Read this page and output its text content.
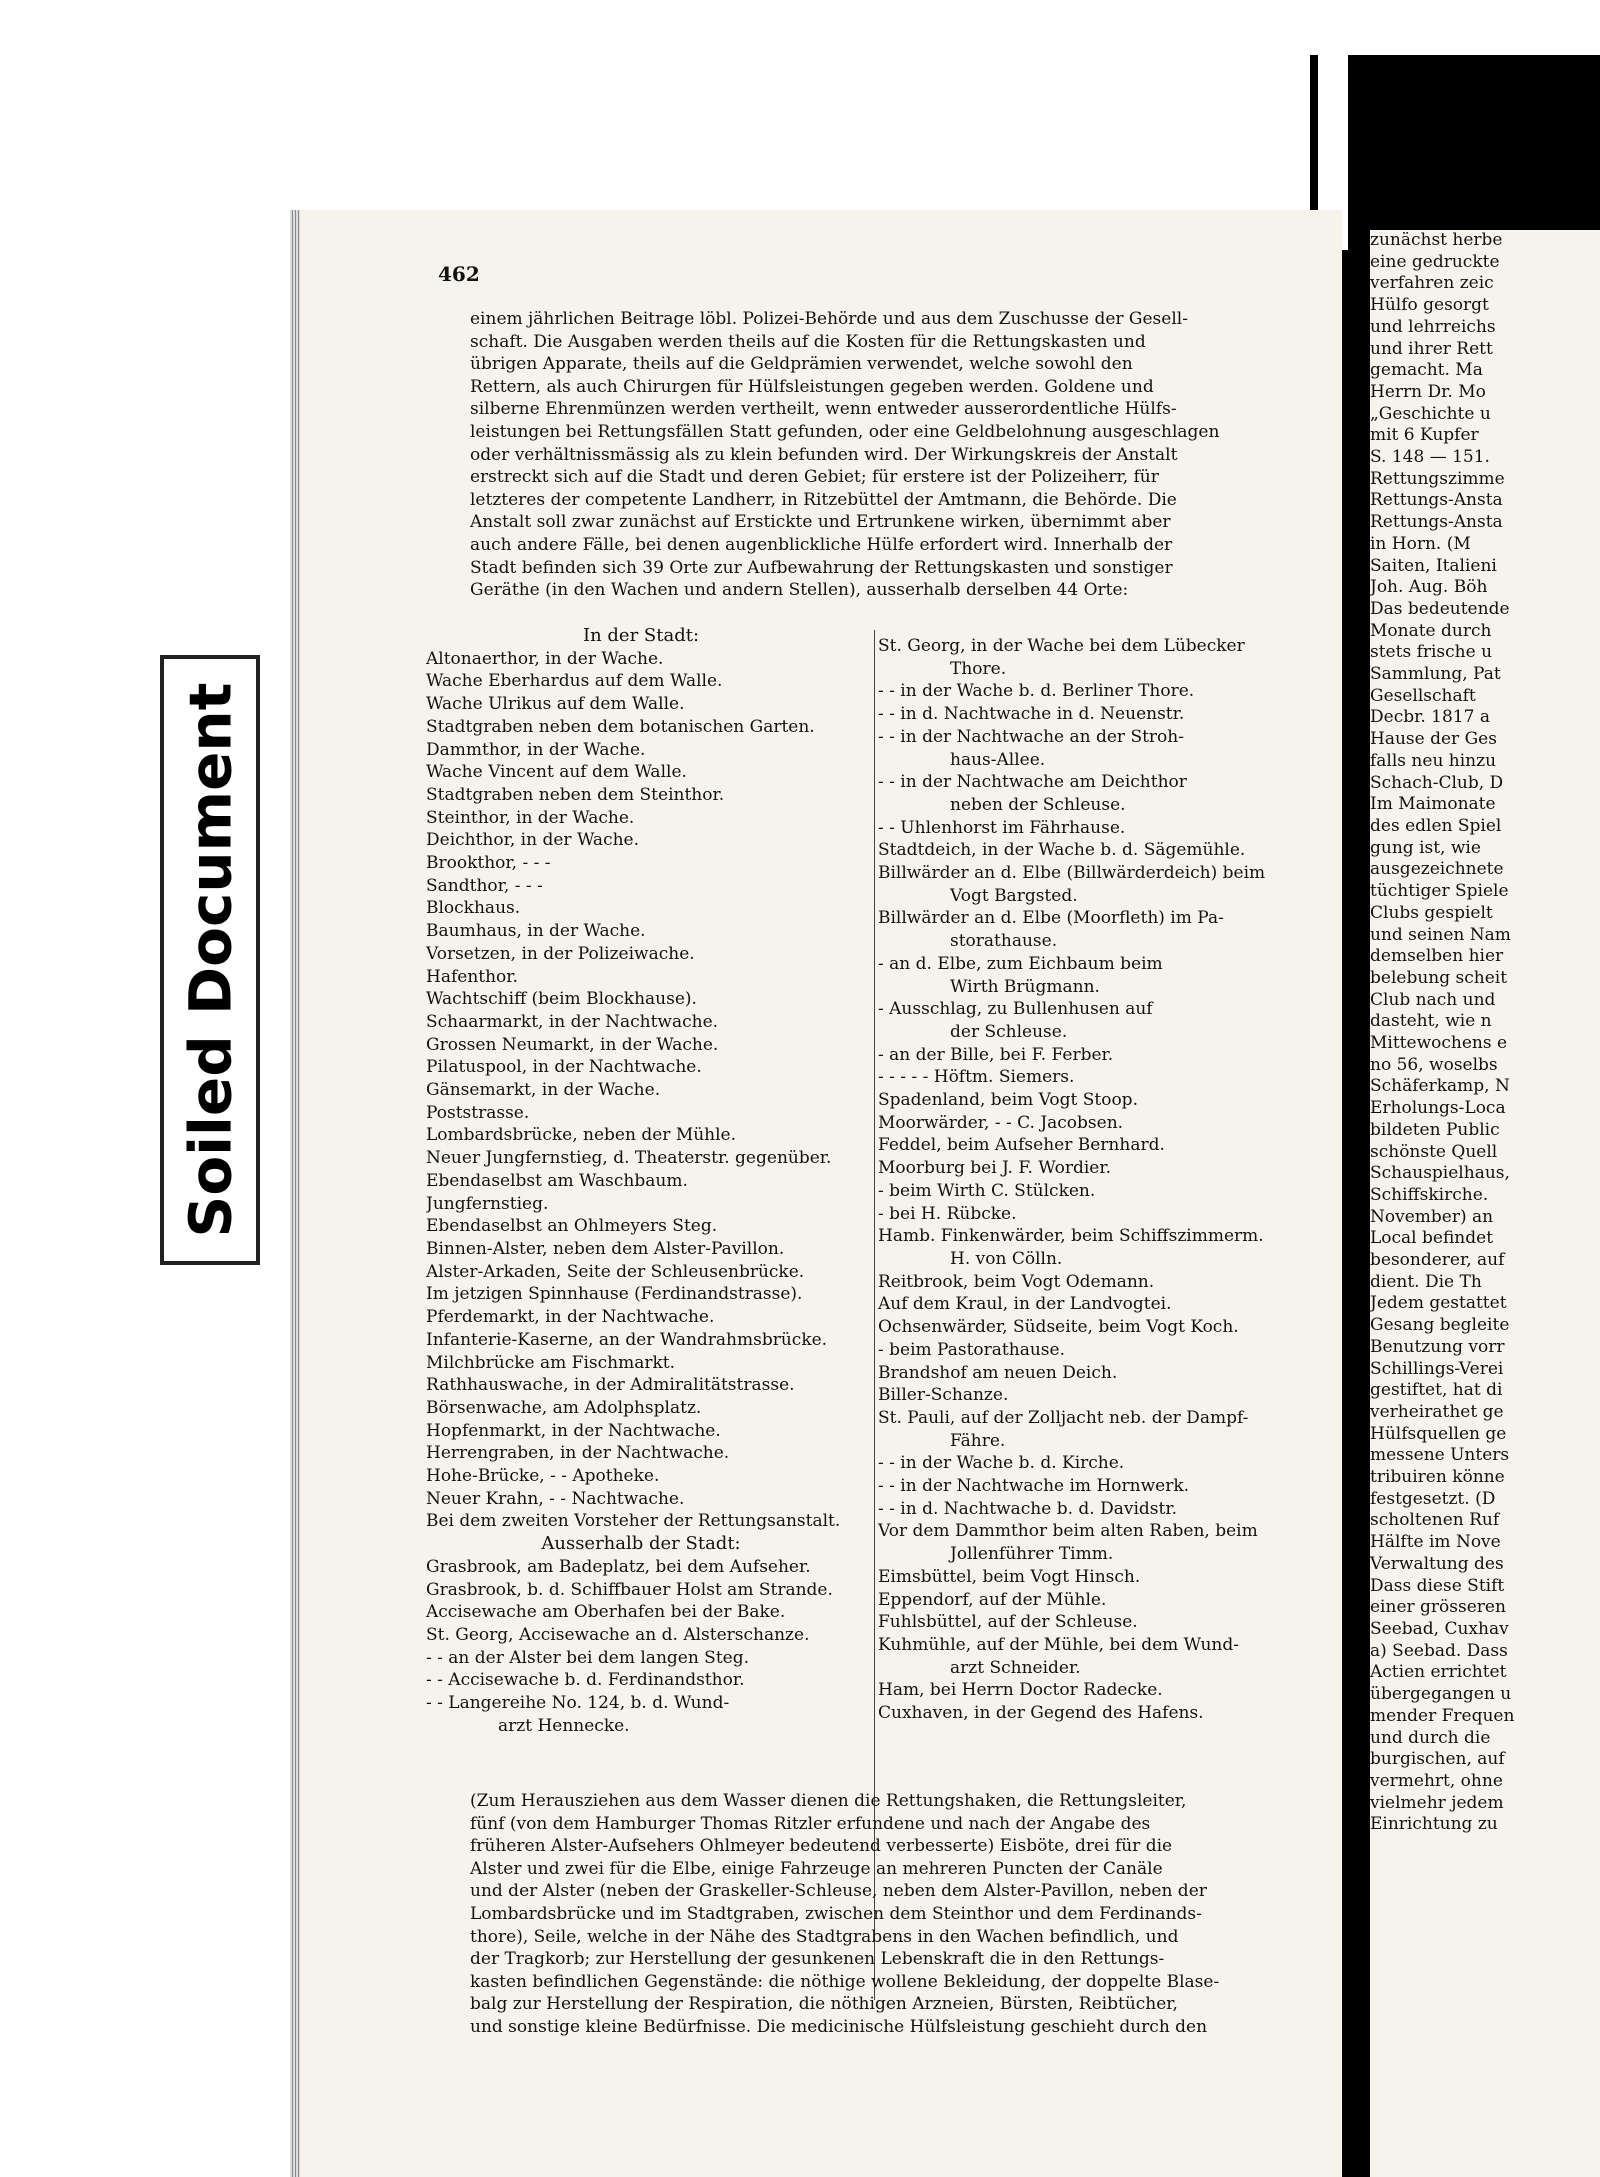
Soiled Document
462
einem jährlichen Beitrage löbl. Polizei-Behörde und aus dem Zuschusse der Gesell-
schaft. Die Ausgaben werden theils auf die Kosten für die Rettungskasten und
übrigen Apparate, theils auf die Geldprämien verwendet, welche sowohl den
Rettern, als auch Chirurgen für Hülfsleistungen gegeben werden. Goldene und
silberne Ehrenmünzen werden vertheilt, wenn entweder ausserordentliche Hülfs-
leistungen bei Rettungsfällen Statt gefunden, oder eine Geldbelohnung ausgeschlagen
oder verhältnissmässig als zu klein befunden wird. Der Wirkungskreis der Anstalt
erstreckt sich auf die Stadt und deren Gebiet; für erstere ist der Polizeiherr, für
letzteres der competente Landherr, in Ritzebüttel der Amtmann, die Behörde. Die
Anstalt soll zwar zunächst auf Erstickte und Ertrunkene wirken, übernimmt aber
auch andere Fälle, bei denen augenblickliche Hülfe erfordert wird. Innerhalb der
Stadt befinden sich 39 Orte zur Aufbewahrung der Rettungskasten und sonstiger
Geräthe (in den Wachen und andern Stellen), ausserhalb derselben 44 Orte:
In der Stadt:
Altonaerthor, in der Wache.
Wache Eberhardus auf dem Walle.
Wache Ulrikus auf dem Walle.
Stadtgraben neben dem botanischen Garten.
Dammthor, in der Wache.
Wache Vincent auf dem Walle.
Stadtgraben neben dem Steinthor.
Steinthor, in der Wache.
Deichthor, in der Wache.
Brookthor, - - -
Sandthor, - - -
Blockhaus.
Baumhaus, in der Wache.
Vorsetzen, in der Polizeiwache.
Hafenthor.
Wachtschiff (beim Blockhause).
Schaarmarkt, in der Nachtwache.
Grossen Neumarkt, in der Wache.
Pilatuspool, in der Nachtwache.
Gänsemarkt, in der Wache.
Poststrasse.
Lombardsbrücke, neben der Mühle.
Neuer Jungfernstieg, d. Theaterstr. gegenüber.
Ebendaselbst am Waschbaum.
Jungfernstieg.
Ebendaselbst an Ohlmeyers Steg.
Binnen-Alster, neben dem Alster-Pavillon.
Alster-Arkaden, Seite der Schleusenbrücke.
Im jetzigen Spinnhause (Ferdinandstrasse).
Pferdemarkt, in der Nachtwache.
Infanterie-Kaserne, an der Wandrahmsbrücke.
Milchbrücke am Fischmarkt.
Rathhauswache, in der Admiralitätstrasse.
Börsenwache, am Adolphsplatz.
Hopfenmarkt, in der Nachtwache.
Herrengraben, in der Nachtwache.
Hohe-Brücke, - - Apotheke.
Neuer Krahn, - - Nachtwache.
Bei dem zweiten Vorsteher der Rettungsanstalt.
Ausserhalb der Stadt:
Grasbrook, am Badeplatz, bei dem Aufseher.
Grasbrook, b. d. Schiffbauer Holst am Strande.
Accisewache am Oberhafen bei der Bake.
St. Georg, Accisewache an d. Alsterschanze.
- - an der Alster bei dem langen Steg.
- - Accisewache b. d. Ferdinandsthor.
- - Langereihe No. 124, b. d. Wund-
arzt Hennecke.
St. Georg, in der Wache bei dem Lübecker
Thore.
- - in der Wache b. d. Berliner Thore.
- - in d. Nachtwache in d. Neuenstr.
- - in der Nachtwache an der Stroh-
haus-Allee.
- - in der Nachtwache am Deichthor
neben der Schleuse.
- - Uhlenhorst im Fährhause.
Stadtdeich, in der Wache b. d. Sägemühle.
Billwärder an d. Elbe (Billwärderdeich) beim
Vogt Bargsted.
Billwärder an d. Elbe (Moorfleth) im Pa-
storathause.
- an d. Elbe, zum Eichbaum beim
Wirth Brügmann.
- Ausschlag, zu Bullenhusen auf
der Schleuse.
- an der Bille, bei F. Ferber.
- - - - - Höftm. Siemers.
Spadenland, beim Vogt Stoop.
Moorwärder, - - C. Jacobsen.
Feddel, beim Aufseher Bernhard.
Moorburg bei J. F. Wordier.
- beim Wirth C. Stülcken.
- bei H. Rübcke.
Hamb. Finkenwärder, beim Schiffszimmerm.
H. von Cölln.
Reitbrook, beim Vogt Odemann.
Auf dem Kraul, in der Landvogtei.
Ochsenwärder, Südseite, beim Vogt Koch.
- beim Pastorathause.
Brandshof am neuen Deich.
Biller-Schanze.
St. Pauli, auf der Zolljacht neb. der Dampf-
Fähre.
- - in der Wache b. d. Kirche.
- - in der Nachtwache im Hornwerk.
- - in d. Nachtwache b. d. Davidstr.
Vor dem Dammthor beim alten Raben, beim
Jollenführer Timm.
Eimsbüttel, beim Vogt Hinsch.
Eppendorf, auf der Mühle.
Fuhlsbüttel, auf der Schleuse.
Kuhmühle, auf der Mühle, bei dem Wund-
arzt Schneider.
Ham, bei Herrn Doctor Radecke.
Cuxhaven, in der Gegend des Hafens.
(Zum Herausziehen aus dem Wasser dienen die Rettungshaken, die Rettungsleiter,
fünf (von dem Hamburger Thomas Ritzler erfundene und nach der Angabe des
früheren Alster-Aufsehers Ohlmeyer bedeutend verbesserte) Eisböte, drei für die
Alster und zwei für die Elbe, einige Fahrzeuge an mehreren Puncten der Canäle
und der Alster (neben der Graskeller-Schleuse, neben dem Alster-Pavillon, neben der
Lombardsbrücke und im Stadtgraben, zwischen dem Steinthor und dem Ferdinands-
thore), Seile, welche in der Nähe des Stadtgrabens in den Wachen befindlich, und
der Tragkorb; zur Herstellung der gesunkenen Lebenskraft die in den Rettungs-
kasten befindlichen Gegenstände: die nöthige wollene Bekleidung, der doppelte Blase-
balg zur Herstellung der Respiration, die nöthigen Arzneien, Bürsten, Reibtücher,
und sonstige kleine Bedürfnisse. Die medicinische Hülfsleistung geschieht durch den
zunächst herbe
eine gedruckte
verfahren zeic
Hülfo gesorgt
und lehrreichs
und ihrer Rett
gemacht. Ma
Herrn Dr. Mo
„Geschichte u
mit 6 Kupfer
S. 148 — 151.
Rettungszimme
Rettungs-Ansta
Rettungs-Ansta
in Horn. (M
Saiten, Italieni
Joh. Aug. Böh
Das bedeutende
Monate durch
stets frische u
Sammlung, Pat
Gesellschaft
Decbr. 1817 a
Hause der Ges
falls neu hinzu
Schach-Club, D
Im Maimonate
des edlen Spiel
gung ist, wie
ausgezeichnete
tüchtiger Spiele
Clubs gespielt
und seinen Nam
demselben hier
belebung scheit
Club nach und
dasteht, wie n
Mittewochens e
no 56, woselbs
Schäferkamp, N
Erholungs-Loca
bildeten Public
schönste Quell
Schauspielhaus,
Schiffskirche.
November) an
Local befindet
besonderer, auf
dient. Die Th
Jedem gestattet
Gesang begleite
Benutzung vorr
Schillings-Verei
gestiftet, hat di
verheirathet ge
Hülfsquellen ge
messene Unters
tribuiren könne
festgesetzt. (D
scholtenen Ruf
Hälfte im Nove
Verwaltung des
Dass diese Stift
einer grösseren
Seebad, Cuxhav
a) Seebad. Dass
Actien errichtet
übergegangen u
mender Frequen
und durch die
burgischen, auf
vermehrt, ohne
vielmehr jedem
Einrichtung zu
